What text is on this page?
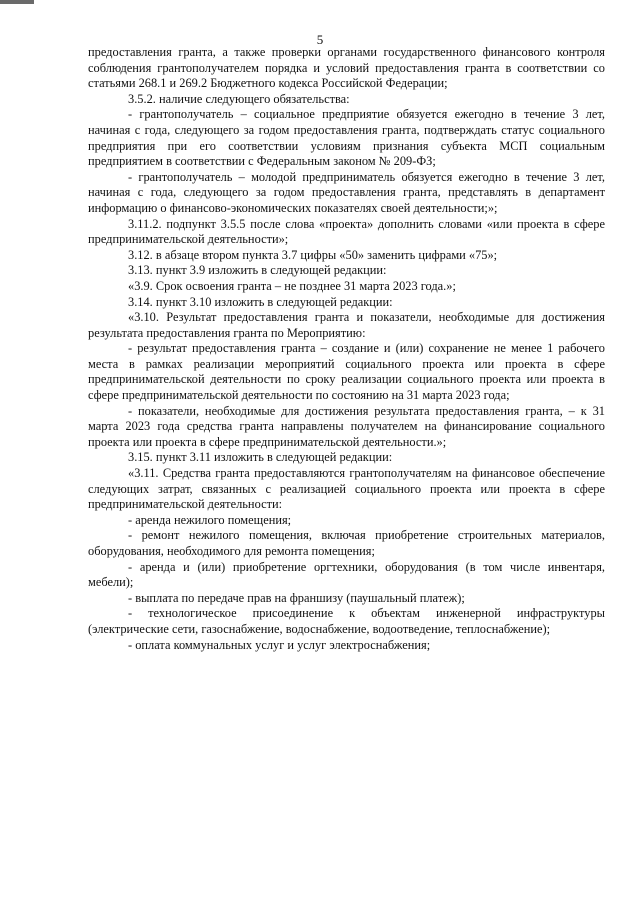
5

предоставления гранта, а также проверки органами государственного финансового контроля соблюдения грантополучателем порядка и условий предоставления гранта в соответствии со статьями 268.1 и 269.2 Бюджетного кодекса Российской Федерации;

3.5.2. наличие следующего обязательства:

- грантополучатель – социальное предприятие обязуется ежегодно в течение 3 лет, начиная с года, следующего за годом предоставления гранта, подтверждать статус социального предприятия при его соответствии условиям признания субъекта МСП социальным предприятием в соответствии с Федеральным законом № 209-ФЗ;

- грантополучатель – молодой предприниматель обязуется ежегодно в течение 3 лет, начиная с года, следующего за годом предоставления гранта, представлять в департамент информацию о финансово-экономических показателях своей деятельности;»;

3.11.2. подпункт 3.5.5 после слова «проекта» дополнить словами «или проекта в сфере предпринимательской деятельности»;

3.12. в абзаце втором пункта 3.7 цифры «50» заменить цифрами «75»;

3.13. пункт 3.9 изложить в следующей редакции:

«3.9. Срок освоения гранта – не позднее 31 марта 2023 года.»;

3.14. пункт 3.10 изложить в следующей редакции:

«3.10. Результат предоставления гранта и показатели, необходимые для достижения результата предоставления гранта по Мероприятию:

- результат предоставления гранта – создание и (или) сохранение не менее 1 рабочего места в рамках реализации мероприятий социального проекта или проекта в сфере предпринимательской деятельности по сроку реализации социального проекта или проекта в сфере предпринимательской деятельности по состоянию на 31 марта 2023 года;

- показатели, необходимые для достижения результата предоставления гранта, – к 31 марта 2023 года средства гранта направлены получателем на финансирование социального проекта или проекта в сфере предпринимательской деятельности.»;

3.15. пункт 3.11 изложить в следующей редакции:

«3.11. Средства гранта предоставляются грантополучателям на финансовое обеспечение следующих затрат, связанных с реализацией социального проекта или проекта в сфере предпринимательской деятельности:

- аренда нежилого помещения;

- ремонт нежилого помещения, включая приобретение строительных материалов, оборудования, необходимого для ремонта помещения;

- аренда и (или) приобретение оргтехники, оборудования (в том числе инвентаря, мебели);

- выплата по передаче прав на франшизу (паушальный платеж);

- технологическое присоединение к объектам инженерной инфраструктуры (электрические сети, газоснабжение, водоснабжение, водоотведение, теплоснабжение);

- оплата коммунальных услуг и услуг электроснабжения;
